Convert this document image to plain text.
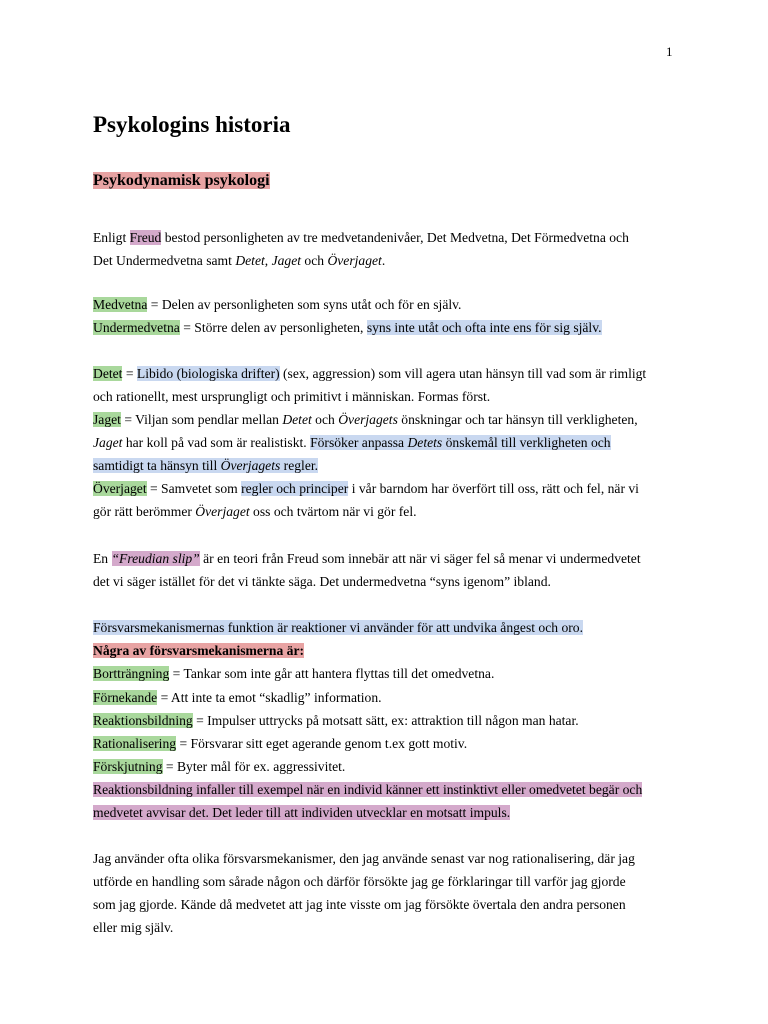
1
Psykologins historia
Psykodynamisk psykologi
Enligt Freud bestod personligheten av tre medvetandenivåer, Det Medvetna, Det Förmedvetna och
Det Undermedvetna samt Detet, Jaget och Överjaget.
Medvetna = Delen av personligheten som syns utåt och för en själv.
Undermedvetna = Större delen av personligheten, syns inte utåt och ofta inte ens för sig själv.
Detet = Libido (biologiska drifter) (sex, aggression) som vill agera utan hänsyn till vad som är rimligt
och rationellt, mest ursprungligt och primitivt i människan. Formas först.
Jaget = Viljan som pendlar mellan Detet och Överjagets önskningar och tar hänsyn till verkligheten,
Jaget har koll på vad som är realistiskt. Försöker anpassa Detets önskemål till verkligheten och
samtidigt ta hänsyn till Överjagets regler.
Överjaget = Samvetet som regler och principer i vår barndom har överfört till oss, rätt och fel, när vi
gör rätt berömmer Överjaget oss och tvärtom när vi gör fel.
En “Freudian slip” är en teori från Freud som innebär att när vi säger fel så menar vi undermedvetet
det vi säger istället för det vi tänkte säga. Det undermedvetna “syns igenom” ibland.
Försvarsmekanismernas funktion är reaktioner vi använder för att undvika ångest och oro.
Några av försvarsmekanismerna är:
Bortträngning = Tankar som inte går att hantera flyttas till det omedvetna.
Förnekande = Att inte ta emot “skadlig” information.
Reaktionsbildning = Impulser uttrycks på motsatt sätt, ex: attraktion till någon man hatar.
Rationalisering = Försvarar sitt eget agerande genom t.ex gott motiv.
Förskjutning = Byter mål för ex. aggressivitet.
Reaktionsbildning infaller till exempel när en individ känner ett instinktivt eller omedvetet begär och
medvetet avvisar det. Det leder till att individen utvecklar en motsatt impuls.
Jag använder ofta olika försvarsmekanismer, den jag använde senast var nog rationalisering, där jag
utförde en handling som sårade någon och därför försökte jag ge förklaringar till varför jag gjorde
som jag gjorde. Kände då medvetet att jag inte visste om jag försökte övertala den andra personen
eller mig själv.
